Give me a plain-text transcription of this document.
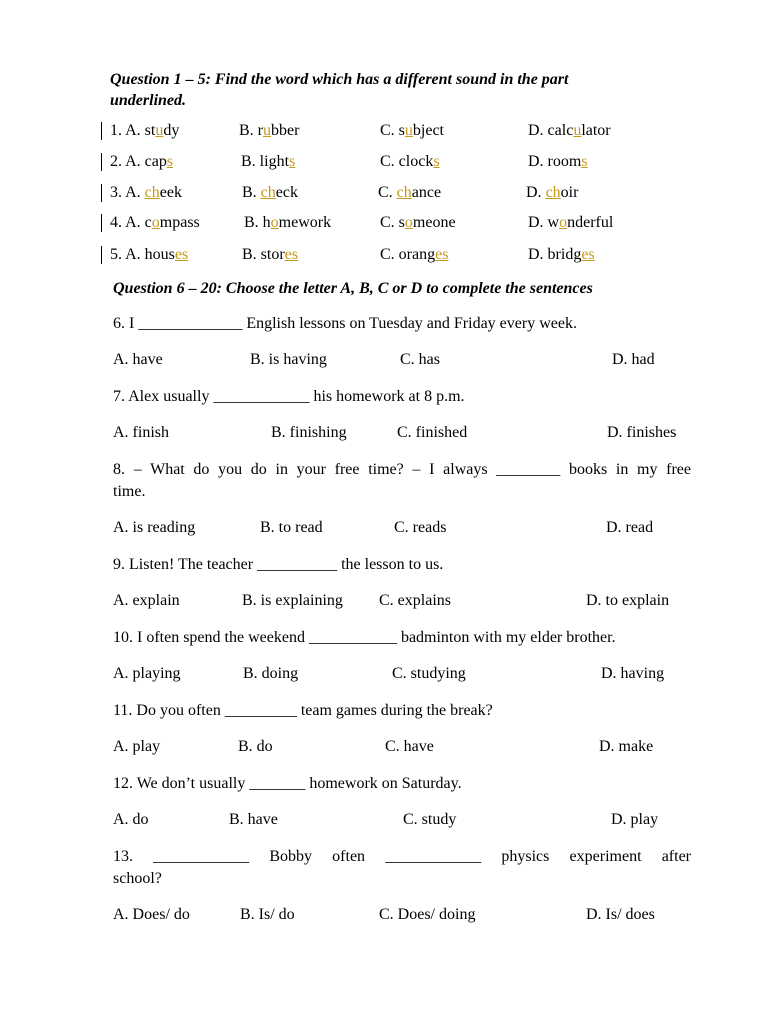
Question 1 – 5: Find the word which has a different sound in the part
underlined.
1. A. study	B. rubber	C. subject	D. calculator
2. A. caps	B. lights	C. clocks	D. rooms
3. A. cheek	B. check	C. chance	D. choir
4. A. compass	B. homework	C. someone	D. wonderful
5. A. houses	B. stores	C. oranges	D. bridges
Question 6 – 20: Choose the letter A, B, C or D to complete the sentences
6. I _____________ English lessons on Tuesday and Friday every week.
A. have	B. is having	C. has	D. had
7. Alex usually ____________ his homework at 8 p.m.
A. finish	B. finishing	C. finished	D. finishes
8. – What do you do in your free time? – I always ________ books in my free
time.
A. is reading	B. to read	C. reads	D. read
9. Listen! The teacher __________ the lesson to us.
A. explain	B. is explaining C. explains	D. to explain
10. I often spend the weekend ___________ badminton with my elder brother.
A. playing	B. doing	C. studying	D. having
11. Do you often _________ team games during the break?
A. play	B. do	C. have	D. make
12. We don’t usually _______ homework on Saturday.
A. do	B. have	C. study	D. play
13. ____________ Bobby often ____________ physics experiment after
school?
A. Does/ do	B. Is/ do	C. Does/ doing	D. Is/ does
